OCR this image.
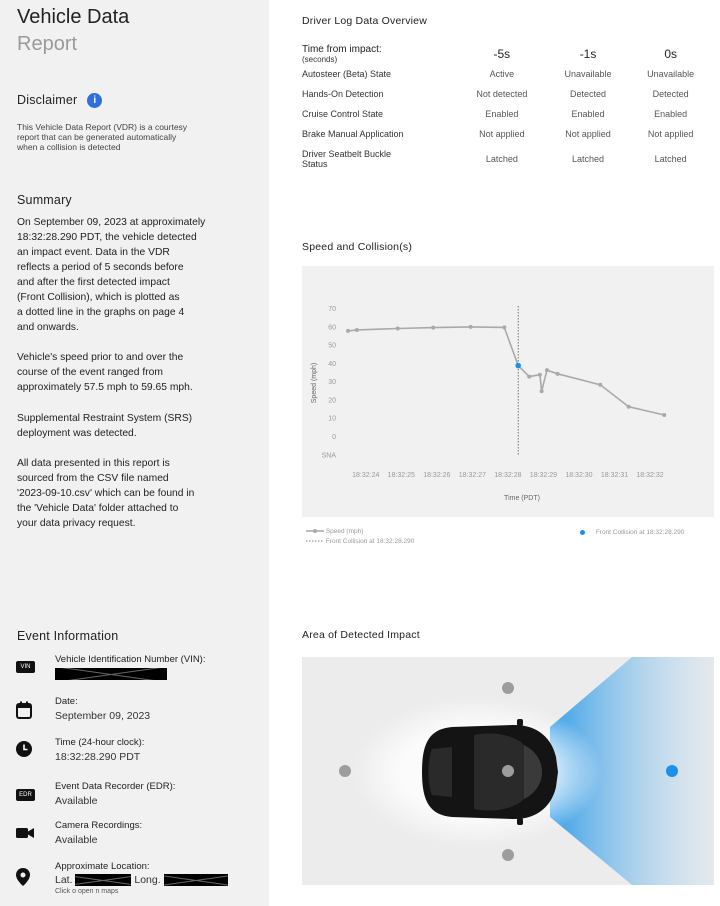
Vehicle Data
Report
Disclaimer i
This Vehicle Data Report (VDR) is a courtesy
report that can be generated automatically
when a collision is detected
Summary
On September 09, 2023 at approximately
18:32:28.290 PDT, the vehicle detected
an impact event. Data in the VDR
reflects a period of 5 seconds before
and after the first detected impact
(Front Collision), which is plotted as
a dotted line in the graphs on page 4
and onwards.
Vehicle's speed prior to and over the
course of the event ranged from
approximately 57.5 mph to 59.65 mph.
Supplemental Restraint System (SRS)
deployment was detected.
All data presented in this report is
sourced from the CSV file named
'2023-09-10.csv' which can be found in
the 'Vehicle Data' folder attached to
your data privacy request.
Event Information
VIN
Vehicle Identification Number (VIN):
Date:
September 09, 2023
Time (24-hour clock):
18:32:28.290 PDT
EDR
Event Data Recorder (EDR):
Available
Camera Recordings:
Available
Approximate Location:
Lat.	Long.
Click o open n maps
Driver Log Data Overview
Time from impact:
(seconds)	-5s	-1s	0s
Autosteer (Beta) State	Active	Unavailable	Unavailable
Hands-On Detection	Not detected	Detected	Detected
Cruise Control State	Enabled	Enabled	Enabled
Brake Manual Application	Not applied	Not applied	Not applied

Driver Seatbelt Buckle
Status	Latched	Latched	Latched
Speed and Collision(s)
70
60
50
40
30
20
10
0
SNA
18:32:24 18:32:25 18:32:26 18:32:27 18:32:28 18:32:29 18:32:30 18:32:31 18:32:32
Time (PDT)
Speed (mph)
Speed (mph)
Front Collision at 18:32:28.290
Front Collision at 18:32:28.290
Area of Detected Impact
